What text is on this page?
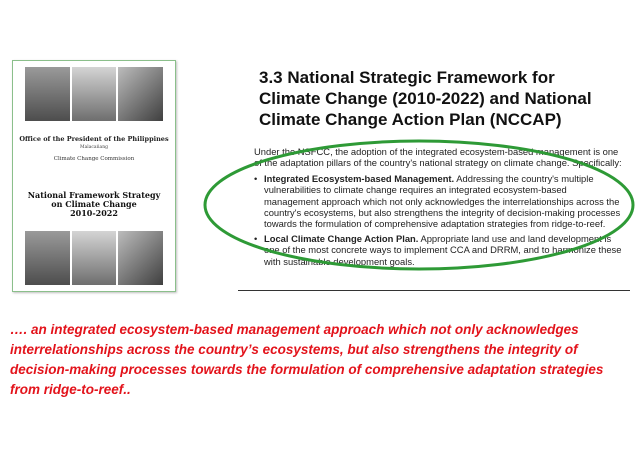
Office of the President of the Philippines
Malacañang
Climate Change Commission
National Framework Strategy
on Climate Change
2010-2022
3.3 National Strategic Framework for Climate Change (2010-2022) and National Climate Change Action Plan (NCCAP)

Under the NSFCC, the adoption of the integrated ecosystem-based management is one of the adaptation pillars of the country's national strategy on climate change. Specifically:

• Integrated Ecosystem-based Management. Addressing the country's multiple vulnerabilities to climate change requires an integrated ecosystem-based management approach which not only acknowledges the interrelationships across the country's ecosystems, but also strengthens the integrity of decision-making processes towards the formulation of comprehensive adaptation strategies from ridge-to-reef.
• Local Climate Change Action Plan. Appropriate land use and land development is one of the most concrete ways to implement CCA and DRRM, and to harmonize these with sustainable development goals.
…. an integrated ecosystem-based management approach which not only acknowledges interrelationships across the country’s ecosystems, but also strengthens the integrity of decision-making processes towards the formulation of comprehensive adaptation strategies from ridge-to-reef..
